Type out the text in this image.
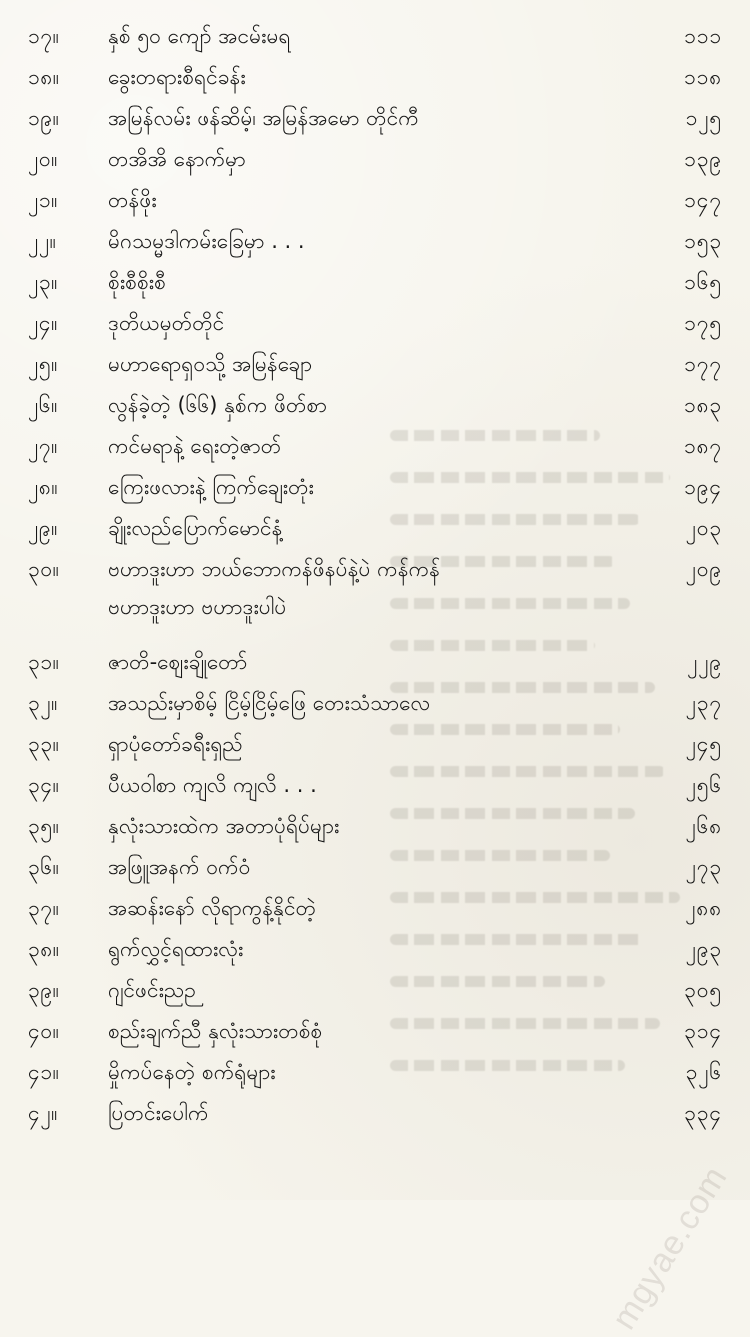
၁၇။	နှစ် ၅၀ ကျော် အငမ်းမရ	၁၁၁
၁၈။	ခွေးတရားစီရင်ခန်း	၁၁၈
၁၉။	အမြန်လမ်း ဖန်ဆိမ့်၊ အမြန်အမော တိုင်ကီ	၁၂၅
၂၀။	တအိအိ နောက်မှာ	၁၃၉
၂၁။	တန်ဖိုး	၁၄၇
၂၂။	မိဂသမ္မဒါကမ်းခြေမှာ . . .	၁၅၃
၂၃။	စိုးစီစိုးစီ	၁၆၅
၂၄။	ဒုတိယမှတ်တိုင်	၁၇၅
၂၅။	မဟာရောရှဝသို့ အမြန်ချော	၁၇၇
၂၆။	လွန်ခဲ့တဲ့ (၆၆) နှစ်က ဖိတ်စာ	၁၈၃
၂၇။	ကင်မရာနဲ့ ရေးတဲ့ဇာတ်	၁၈၇
၂၈။	ကြေးဖလားနဲ့ ကြက်ချေးတုံး	၁၉၄
၂၉။	ချိုးလည်ပြောက်မောင်နံ့	၂၀၃
၃၀။	ဗဟာဒူးဟာ ဘယ်ဘောကန်ဖိနပ်နဲ့ပဲ ကန်ကန်	၂၀၉
ဗဟာဒူးဟာ ဗဟာဒူးပါပဲ
၃၁။	ဇာတိ-ဈေးချိုတော်	၂၂၉
၃၂။	အသည်းမှာစိမ့် ငြိမ့်ငြိမ့်ဖြေ တေးသံသာလေ	၂၃၇
၃၃။	ရှာပုံတော်ခရီးရှည်	၂၄၅
၃၄။	ပီယဝါစာ ကျလိ ကျလိ . . .	၂၅၆
၃၅။	နှလုံးသားထဲက အတာပုံရိပ်များ	၂၆၈
၃၆။	အဖြူအနက် ဝက်ဝံ	၂၇၃
၃၇။	အဆန်းနော် လိုရာကွန့်နိုင်တဲ့	၂၈၈
၃၈။	ရွက်လွှင့်ရထားလုံး	၂၉၃
၃၉။	ဂျင်ဖင်းညဉ	၃၀၅
၄၀။	စည်းချက်ညီ နှလုံးသားတစ်စုံ	၃၁၄
၄၁။	မှိုကပ်နေတဲ့ စက်ရုံများ	၃၂၆
၄၂။	ပြတင်းပေါက်	၃၃၄
mgyae.com
